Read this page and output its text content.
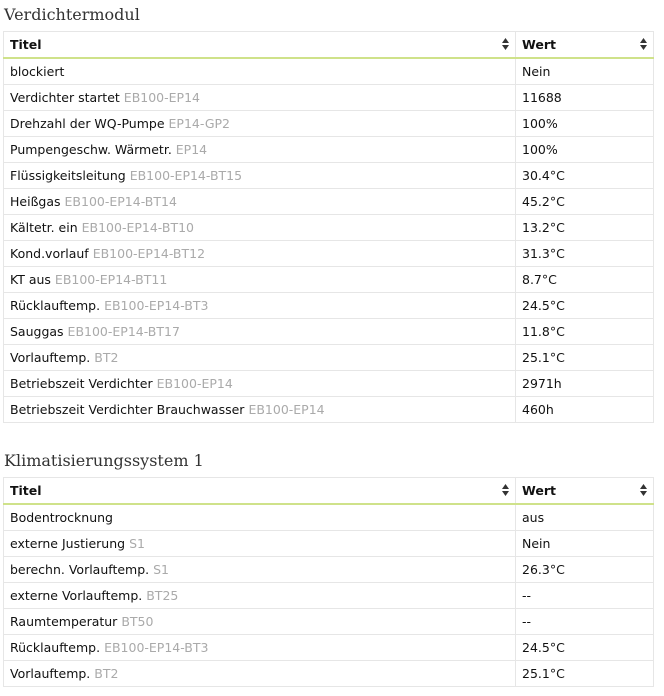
Verdichtermodul
Titel	Wert

blockiert	Nein
Verdichter startet EB100-EP14	11688
Drehzahl der WQ-Pumpe EP14-GP2	100%
Pumpengeschw. Wärmetr. EP14	100%
Flüssigkeitsleitung EB100-EP14-BT15	30.4°C
Heißgas EB100-EP14-BT14	45.2°C
Kältetr. ein EB100-EP14-BT10	13.2°C
Kond.vorlauf EB100-EP14-BT12	31.3°C
KT aus EB100-EP14-BT11	8.7°C
Rücklauftemp. EB100-EP14-BT3	24.5°C
Sauggas EB100-EP14-BT17	11.8°C
Vorlauftemp. BT2	25.1°C
Betriebszeit Verdichter EB100-EP14	2971h
Betriebszeit Verdichter Brauchwasser EB100-EP14	460h
Klimatisierungssystem 1
Titel	Wert

Bodentrocknung	aus
externe Justierung S1	Nein
berechn. Vorlauftemp. S1	26.3°C
externe Vorlauftemp. BT25	--
Raumtemperatur BT50	--
Rücklauftemp. EB100-EP14-BT3	24.5°C
Vorlauftemp. BT2	25.1°C
